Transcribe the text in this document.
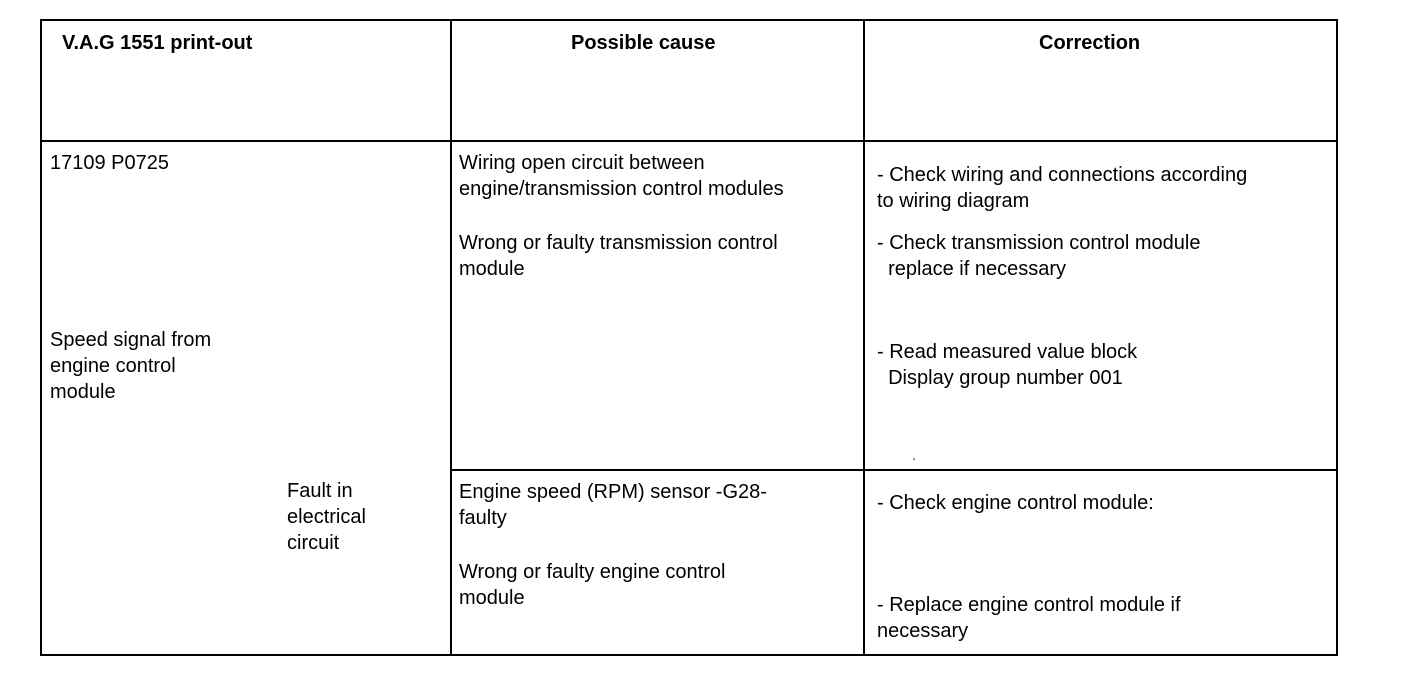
V.A.G 1551 print-out	Possible cause	Correction
17109 P0725
Speed signal from
engine control
module
Fault in
electrical
circuit
Wiring open circuit between
engine/transmission control modules
Wrong or faulty transmission control
module
- Check wiring and connections according
to wiring diagram
- Check transmission control module
replace if necessary
- Read measured value block
Display group number 001
˛
Engine speed (RPM) sensor -G28-
faulty
Wrong or faulty engine control
module
- Check engine control module:
- Replace engine control module if
necessary
